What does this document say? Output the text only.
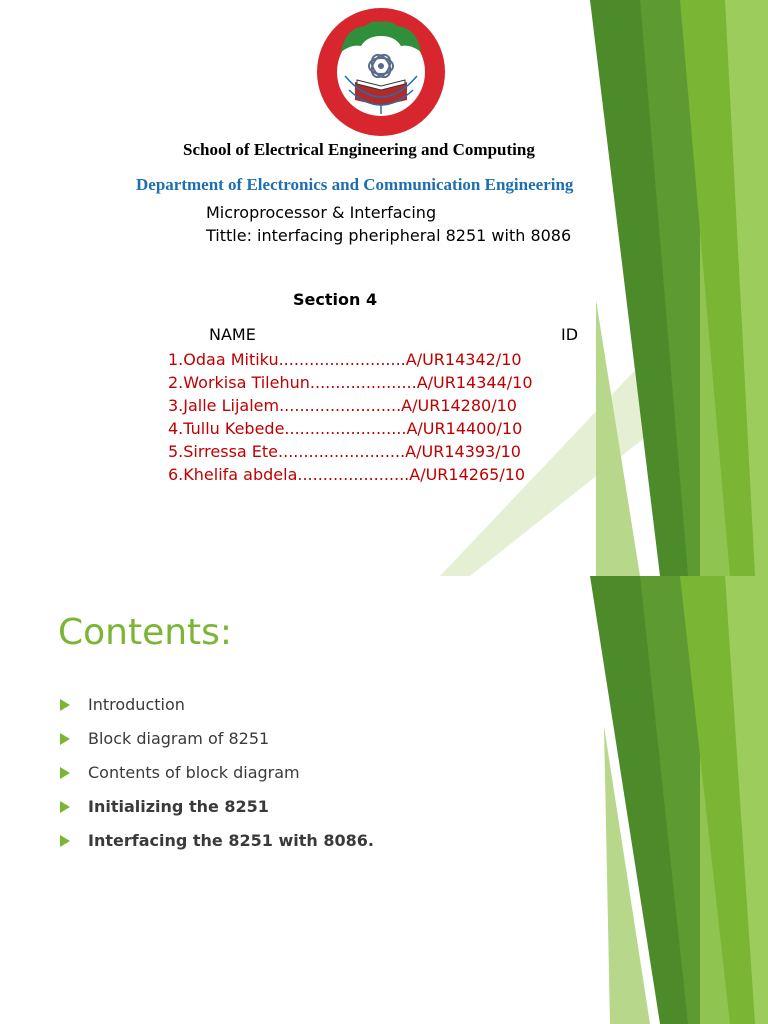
School of Electrical Engineering and Computing
Department of Electronics and Communication Engineering
Microprocessor & Interfacing
Tittle: interfacing pheripheral 8251 with 8086
Section 4
NAME	ID
1.Odaa Mitiku.........................A/UR14342/10
2.Workisa Tilehun.....................A/UR14344/10
3.Jalle Lijalem........................A/UR14280/10
4.Tullu Kebede........................A/UR14400/10
5.Sirressa Ete.........................A/UR14393/10
6.Khelifa abdela......................A/UR14265/10
Contents:
Introduction
Block diagram of 8251
Contents of block diagram
Initializing the 8251
Interfacing the 8251 with 8086.
